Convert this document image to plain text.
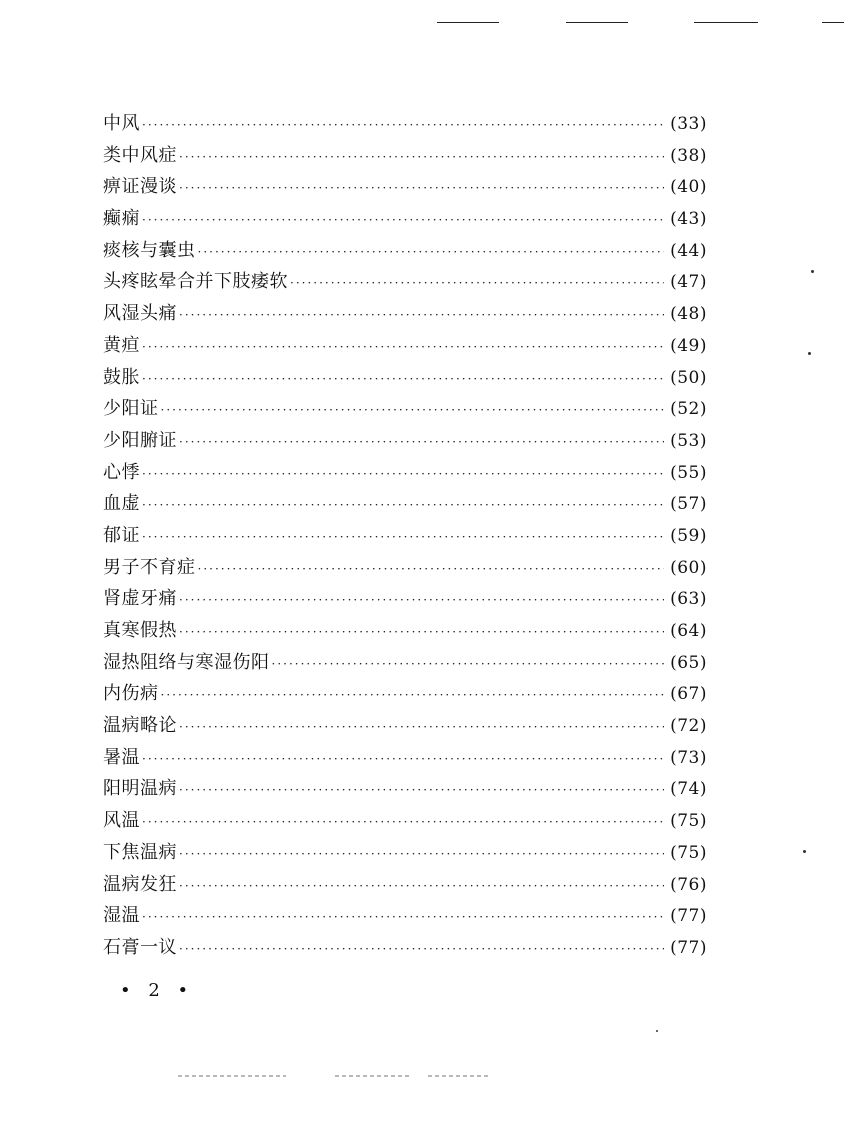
中风 ·····	(33)
类中风症 ·····	(38)
痹证漫谈 ·····	(40)
癫痫 ·····	(43)
痰核与囊虫 ·····	(44)
头疼眩晕合并下肢痿软 ·····	(47)
风湿头痛 ·····	(48)
黄疸 ·····	(49)
鼓胀 ·····	(50)
少阳证 ·····	(52)
少阳腑证 ·····	(53)
心悸 ·····	(55)
血虚 ·····	(57)
郁证 ·····	(59)
男子不育症 ·····	(60)
肾虚牙痛 ·····	(63)
真寒假热 ·····	(64)
湿热阻络与寒湿伤阳 ·····	(65)
内伤病 ·····	(67)
温病略论 ·····	(72)
暑温 ·····	(73)
阳明温病 ·····	(74)
风温 ·····	(75)
下焦温病 ·····	(75)
温病发狂 ·····	(76)
湿温 ·····	(77)
石膏一议 ·····	(77)
• 2 •
